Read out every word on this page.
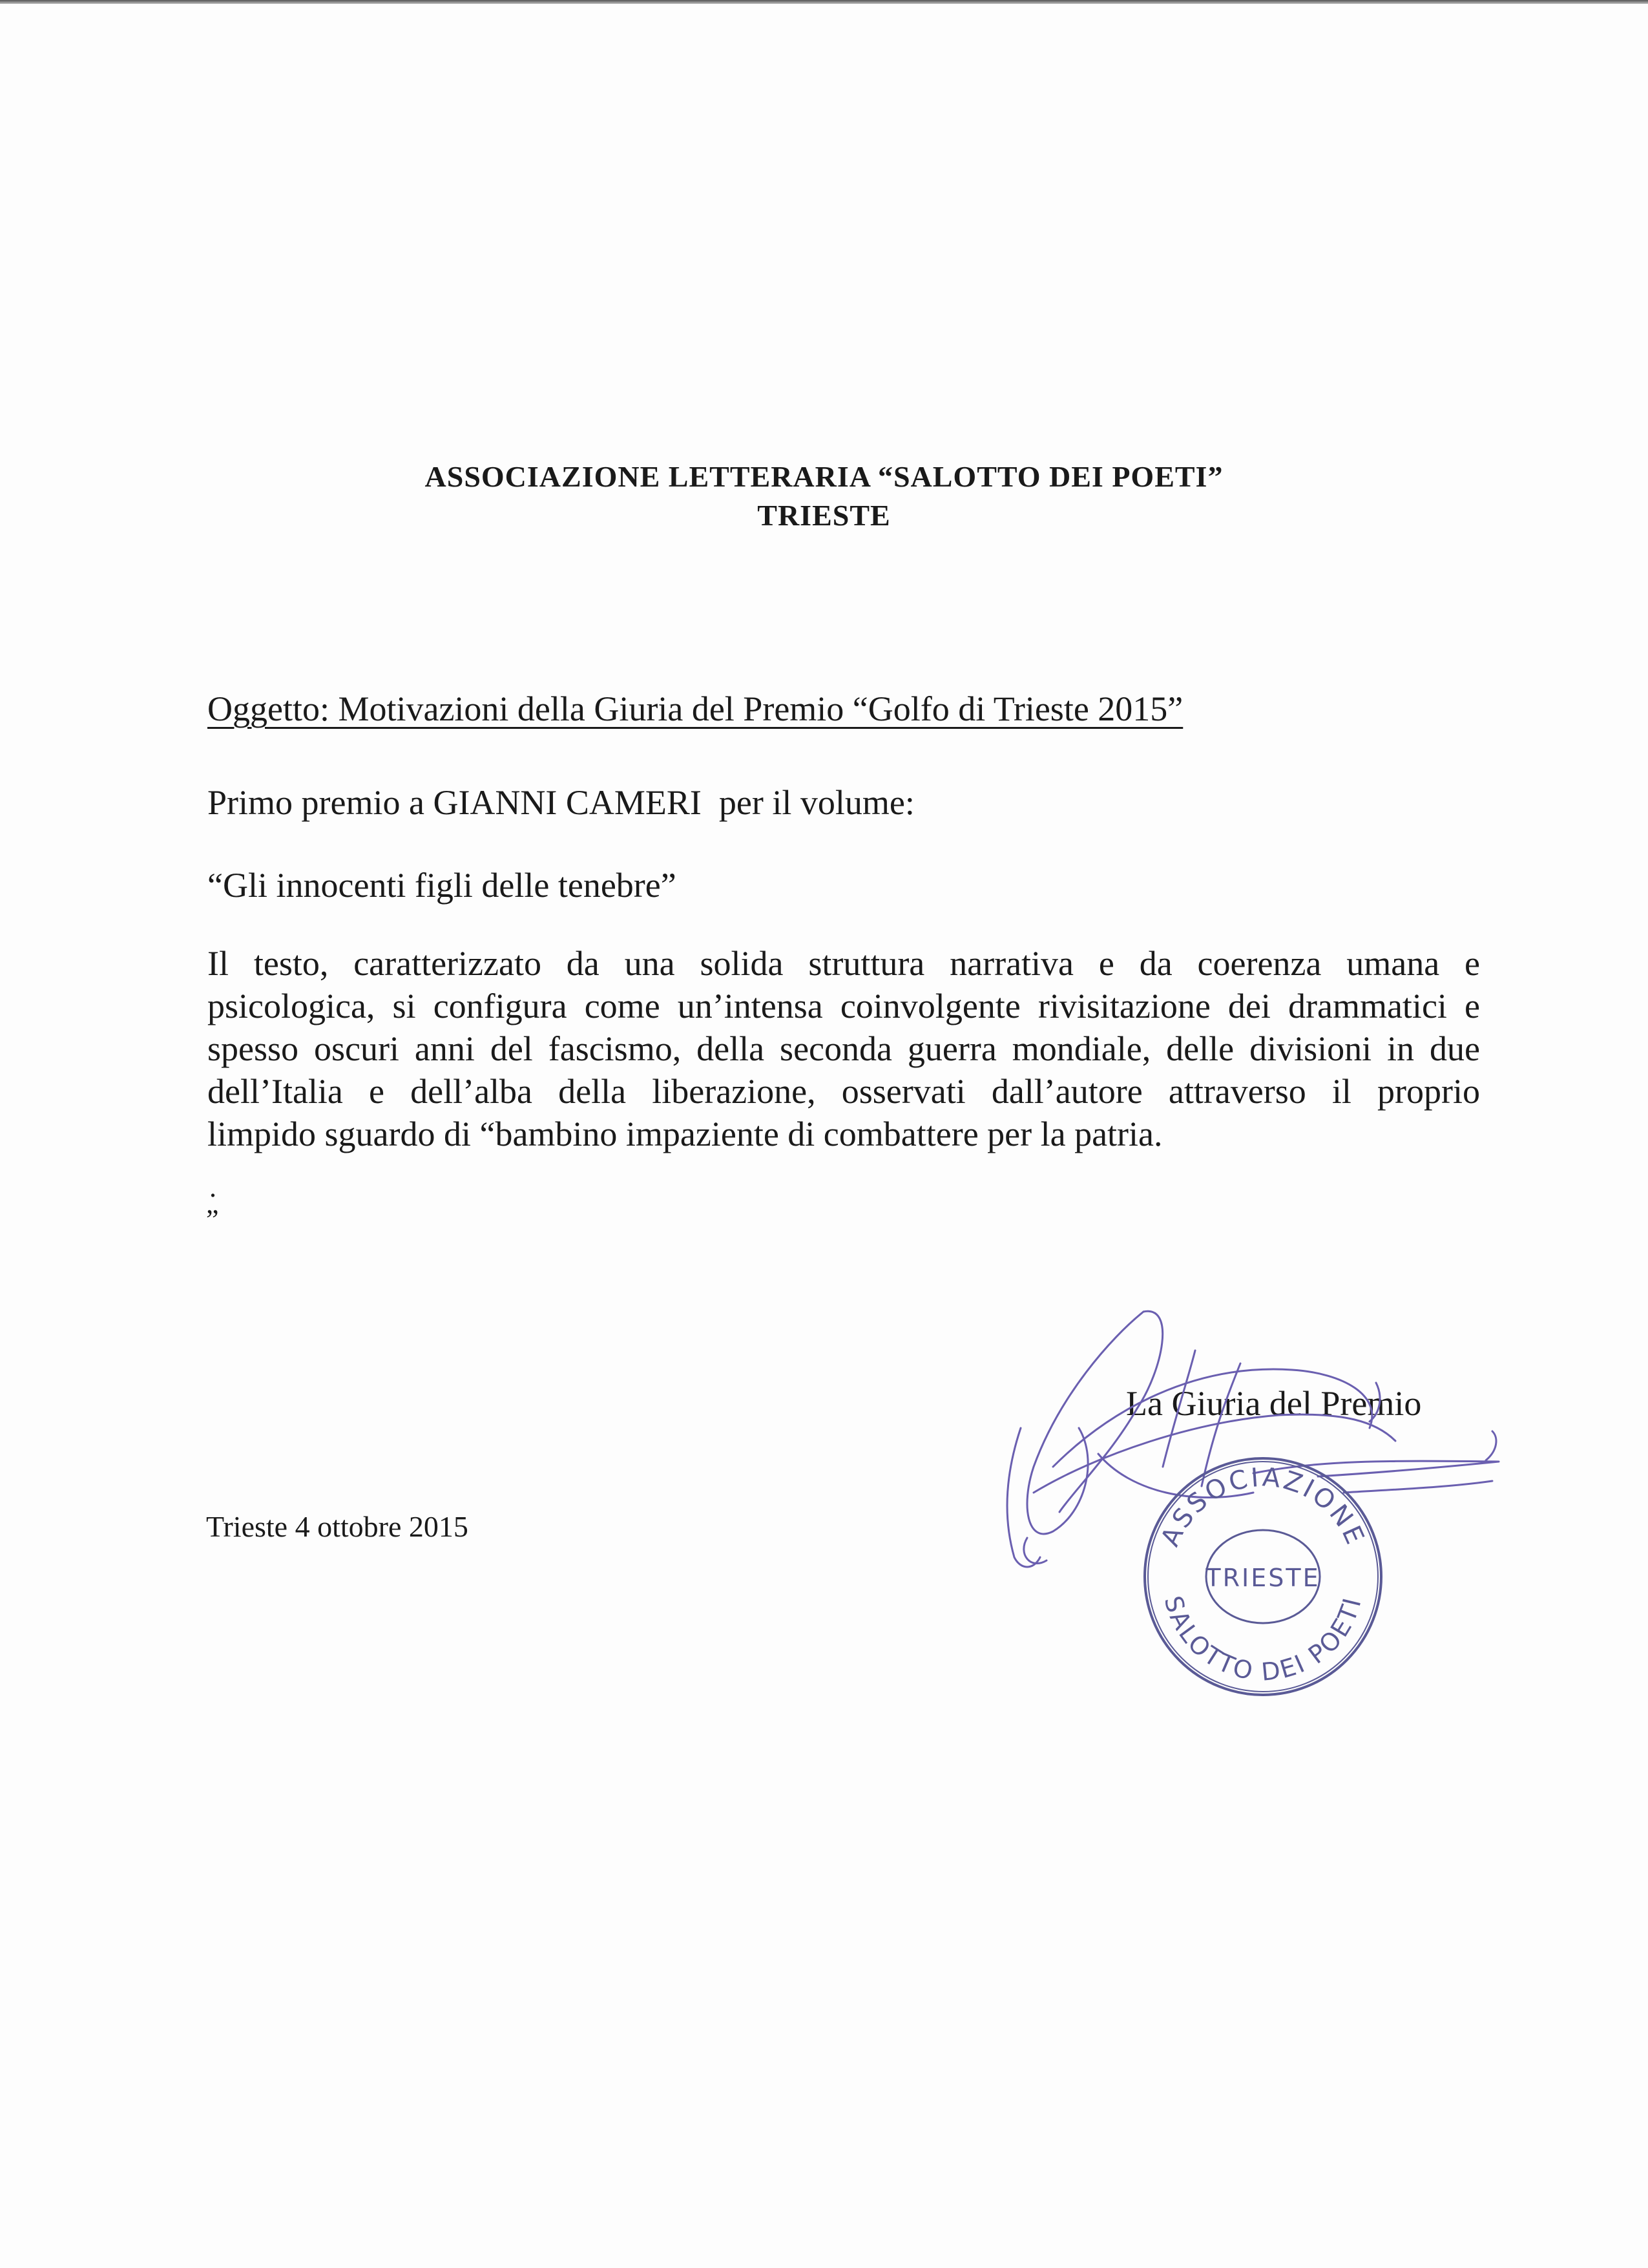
ASSOCIAZIONE LETTERARIA “SALOTTO DEI POETI”
TRIESTE
Oggetto: Motivazioni della Giuria del Premio “Golfo di Trieste 2015”
Primo premio a GIANNI CAMERI  per il volume:
“Gli innocenti figli delle tenebre”
Il testo, caratterizzato da una solida struttura narrativa e da coerenza umana e
psicologica, si configura come un’intensa coinvolgente rivisitazione dei drammatici e
spesso oscuri anni del fascismo, della seconda guerra mondiale, delle divisioni in due
dell’Italia e dell’alba della liberazione, osservati dall’autore attraverso il proprio
limpido sguardo di “bambino impaziente di combattere per la patria.
.
”
La Giuria del Premio
Trieste 4 ottobre 2015	ASSOCIAZIONE
SALOTTO DEI POETI
TRIESTE
